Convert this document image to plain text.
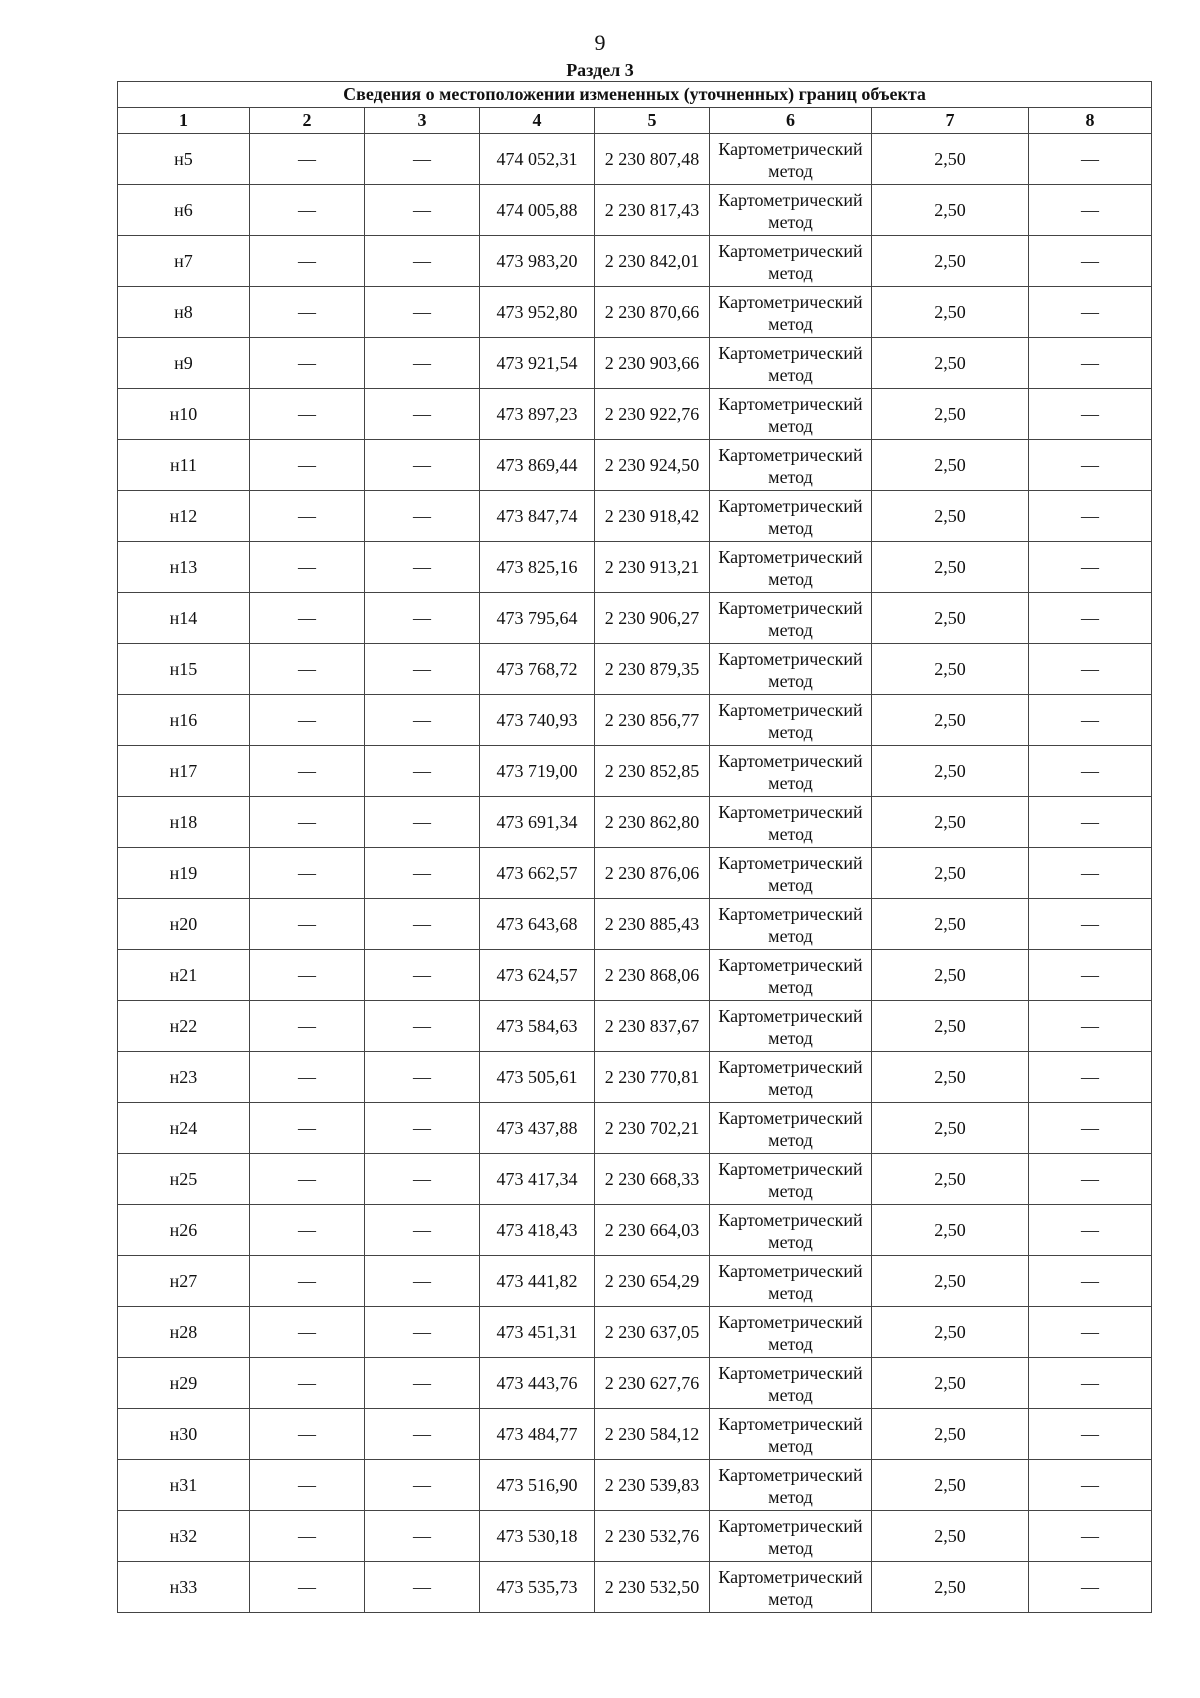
9
Раздел 3
Сведения о местоположении измененных (уточненных) границ объекта							
1	2	3	4	5	6	7	8
н5	—	—	474 052,31	2 230 807,48	Картометрический метод	2,50	—
н6	—	—	474 005,88	2 230 817,43	Картометрический метод	2,50	—
н7	—	—	473 983,20	2 230 842,01	Картометрический метод	2,50	—
н8	—	—	473 952,80	2 230 870,66	Картометрический метод	2,50	—
н9	—	—	473 921,54	2 230 903,66	Картометрический метод	2,50	—
н10	—	—	473 897,23	2 230 922,76	Картометрический метод	2,50	—
н11	—	—	473 869,44	2 230 924,50	Картометрический метод	2,50	—
н12	—	—	473 847,74	2 230 918,42	Картометрический метод	2,50	—
н13	—	—	473 825,16	2 230 913,21	Картометрический метод	2,50	—
н14	—	—	473 795,64	2 230 906,27	Картометрический метод	2,50	—
н15	—	—	473 768,72	2 230 879,35	Картометрический метод	2,50	—
н16	—	—	473 740,93	2 230 856,77	Картометрический метод	2,50	—
н17	—	—	473 719,00	2 230 852,85	Картометрический метод	2,50	—
н18	—	—	473 691,34	2 230 862,80	Картометрический метод	2,50	—
н19	—	—	473 662,57	2 230 876,06	Картометрический метод	2,50	—
н20	—	—	473 643,68	2 230 885,43	Картометрический метод	2,50	—
н21	—	—	473 624,57	2 230 868,06	Картометрический метод	2,50	—
н22	—	—	473 584,63	2 230 837,67	Картометрический метод	2,50	—
н23	—	—	473 505,61	2 230 770,81	Картометрический метод	2,50	—
н24	—	—	473 437,88	2 230 702,21	Картометрический метод	2,50	—
н25	—	—	473 417,34	2 230 668,33	Картометрический метод	2,50	—
н26	—	—	473 418,43	2 230 664,03	Картометрический метод	2,50	—
н27	—	—	473 441,82	2 230 654,29	Картометрический метод	2,50	—
н28	—	—	473 451,31	2 230 637,05	Картометрический метод	2,50	—
н29	—	—	473 443,76	2 230 627,76	Картометрический метод	2,50	—
н30	—	—	473 484,77	2 230 584,12	Картометрический метод	2,50	—
н31	—	—	473 516,90	2 230 539,83	Картометрический метод	2,50	—
н32	—	—	473 530,18	2 230 532,76	Картометрический метод	2,50	—
н33	—	—	473 535,73	2 230 532,50	Картометрический метод	2,50	—
